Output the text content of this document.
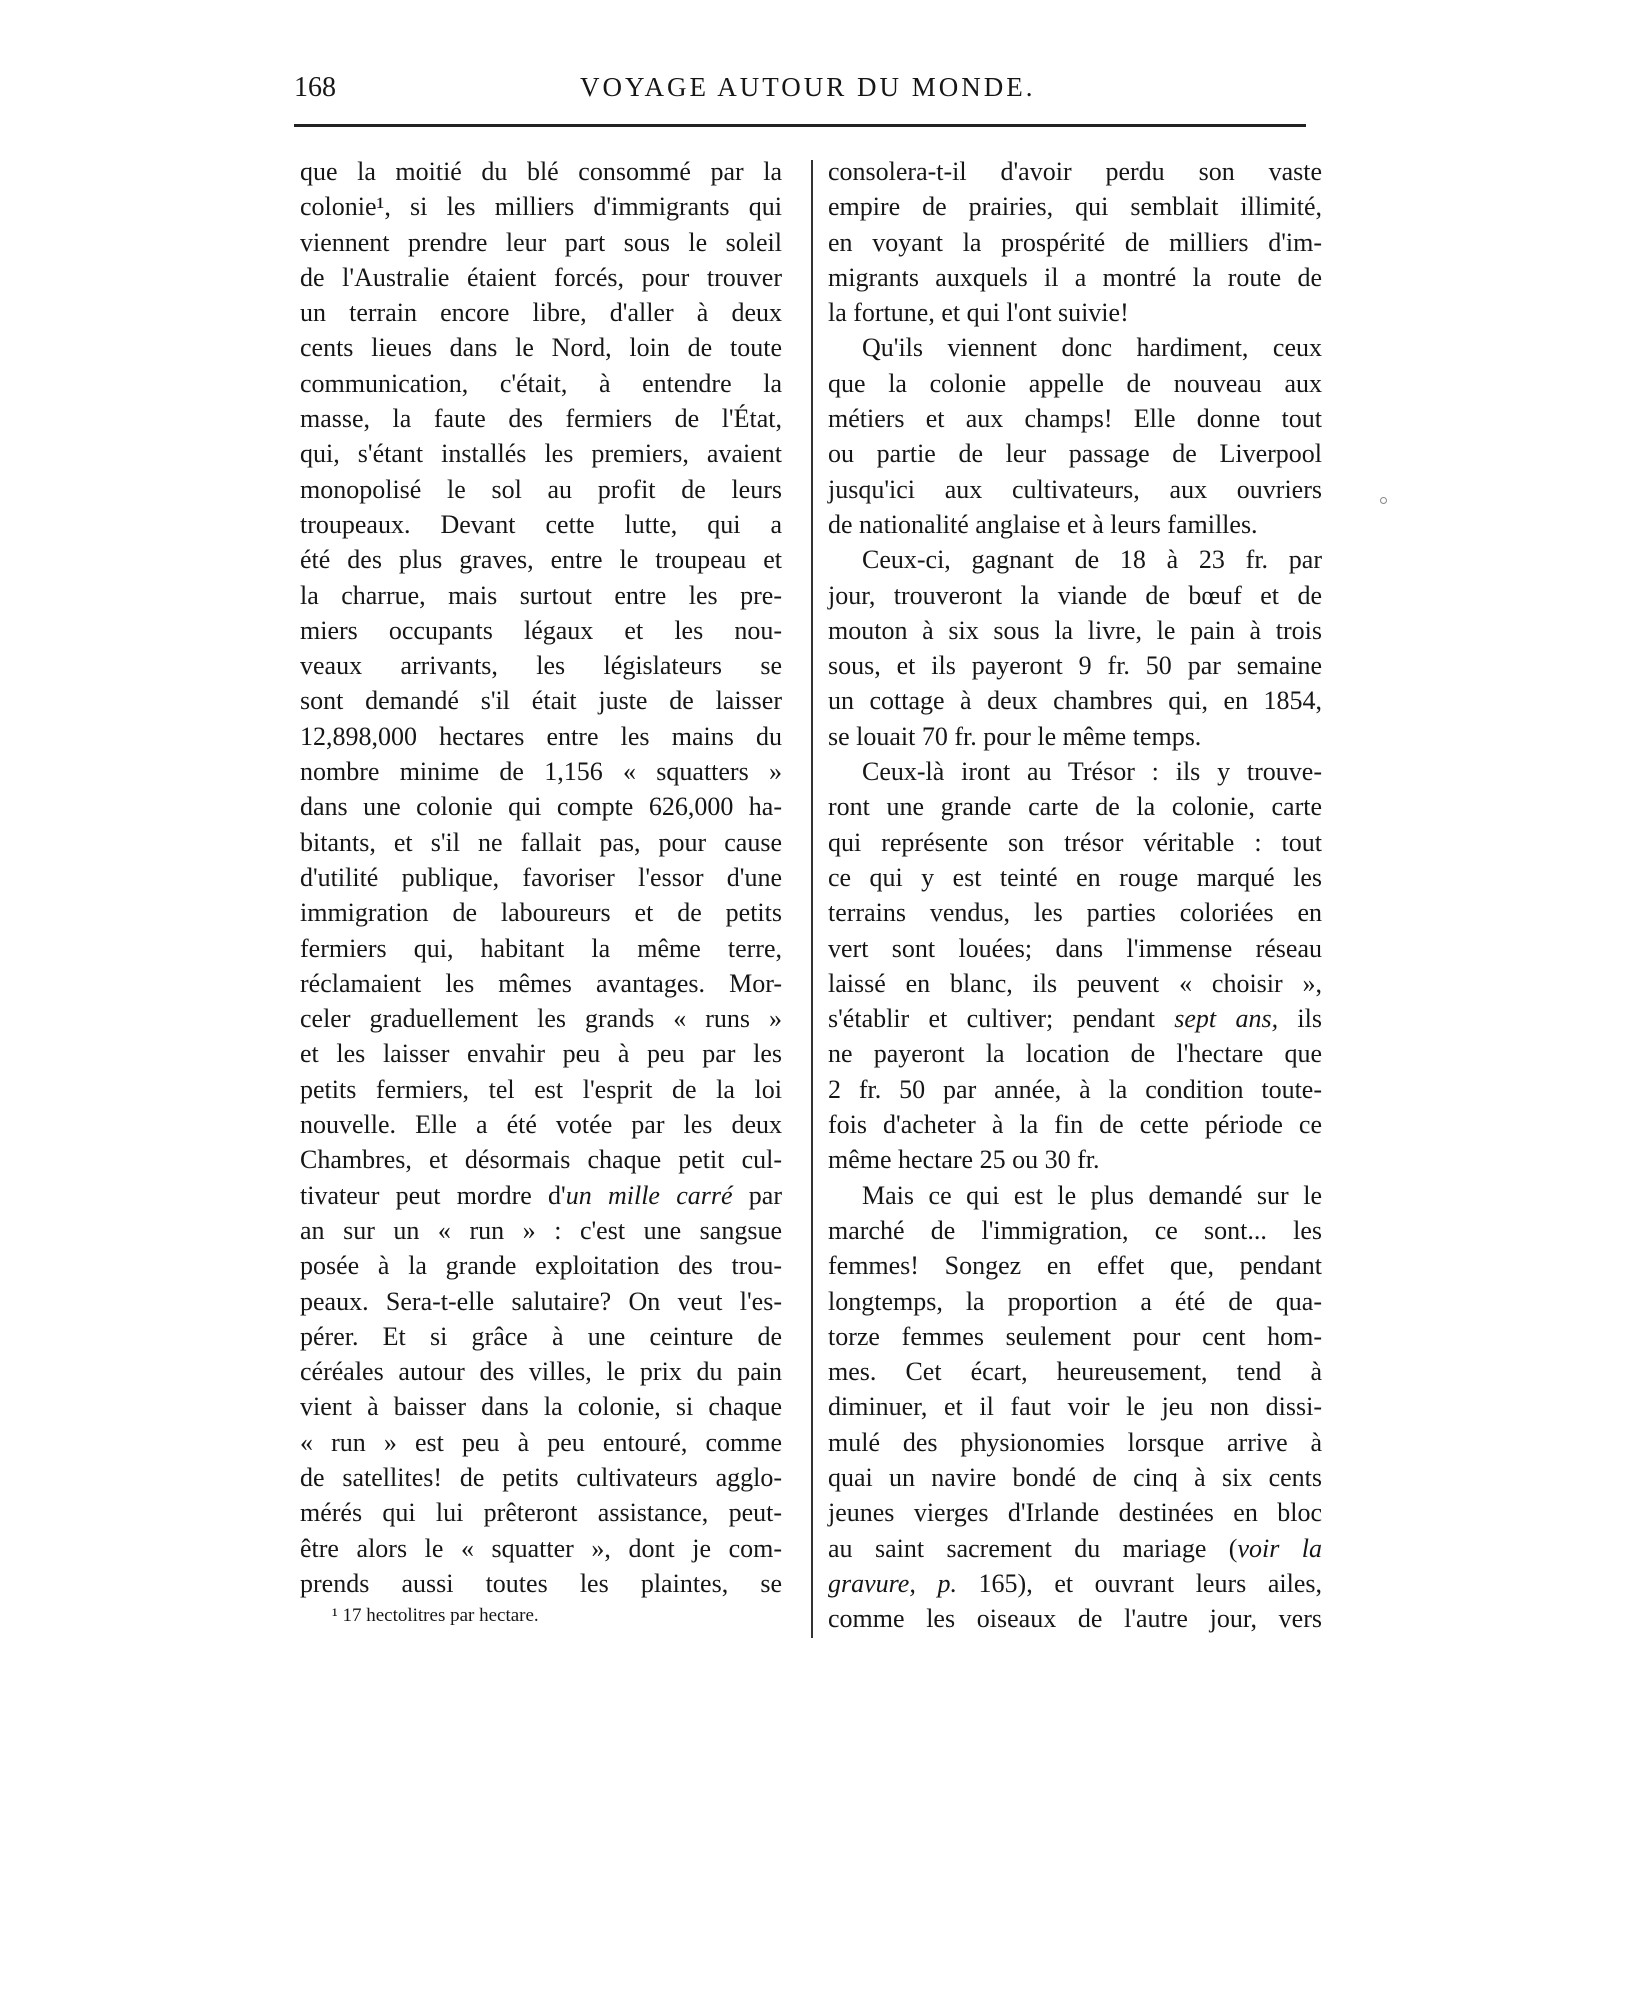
168	VOYAGE AUTOUR DU MONDE.
que la moitié du blé consommé par la
colonie¹, si les milliers d'immigrants qui
viennent prendre leur part sous le soleil
de l'Australie étaient forcés, pour trouver
un terrain encore libre, d'aller à deux
cents lieues dans le Nord, loin de toute
communication, c'était, à entendre la
masse, la faute des fermiers de l'État,
qui, s'étant installés les premiers, avaient
monopolisé le sol au profit de leurs
troupeaux. Devant cette lutte, qui a
été des plus graves, entre le troupeau et
la charrue, mais surtout entre les pre-
miers occupants légaux et les nou-
veaux arrivants, les législateurs se
sont demandé s'il était juste de laisser
12,898,000 hectares entre les mains du
nombre minime de 1,156 « squatters »
dans une colonie qui compte 626,000 ha-
bitants, et s'il ne fallait pas, pour cause
d'utilité publique, favoriser l'essor d'une
immigration de laboureurs et de petits
fermiers qui, habitant la même terre,
réclamaient les mêmes avantages. Mor-
celer graduellement les grands « runs »
et les laisser envahir peu à peu par les
petits fermiers, tel est l'esprit de la loi
nouvelle. Elle a été votée par les deux
Chambres, et désormais chaque petit cul-
tivateur peut mordre d'un mille carré par
an sur un « run » : c'est une sangsue
posée à la grande exploitation des trou-
peaux. Sera-t-elle salutaire? On veut l'es-
pérer. Et si grâce à une ceinture de
céréales autour des villes, le prix du pain
vient à baisser dans la colonie, si chaque
« run » est peu à peu entouré, comme
de satellites! de petits cultivateurs agglo-
mérés qui lui prêteront assistance, peut-
être alors le « squatter », dont je com-
prends aussi toutes les plaintes, se
consolera-t-il d'avoir perdu son vaste
empire de prairies, qui semblait illimité,
en voyant la prospérité de milliers d'im-
migrants auxquels il a montré la route de
la fortune, et qui l'ont suivie!
Qu'ils viennent donc hardiment, ceux
que la colonie appelle de nouveau aux
métiers et aux champs! Elle donne tout
ou partie de leur passage de Liverpool
jusqu'ici aux cultivateurs, aux ouvriers
de nationalité anglaise et à leurs familles.
Ceux-ci, gagnant de 18 à 23 fr. par
jour, trouveront la viande de bœuf et de
mouton à six sous la livre, le pain à trois
sous, et ils payeront 9 fr. 50 par semaine
un cottage à deux chambres qui, en 1854,
se louait 70 fr. pour le même temps.
Ceux-là iront au Trésor : ils y trouve-
ront une grande carte de la colonie, carte
qui représente son trésor véritable : tout
ce qui y est teinté en rouge marqué les
terrains vendus, les parties coloriées en
vert sont louées; dans l'immense réseau
laissé en blanc, ils peuvent « choisir »,
s'établir et cultiver; pendant sept ans, ils
ne payeront la location de l'hectare que
2 fr. 50 par année, à la condition toute-
fois d'acheter à la fin de cette période ce
même hectare 25 ou 30 fr.
Mais ce qui est le plus demandé sur le
marché de l'immigration, ce sont... les
femmes! Songez en effet que, pendant
longtemps, la proportion a été de qua-
torze femmes seulement pour cent hom-
mes. Cet écart, heureusement, tend à
diminuer, et il faut voir le jeu non dissi-
mulé des physionomies lorsque arrive à
quai un navire bondé de cinq à six cents
jeunes vierges d'Irlande destinées en bloc
au saint sacrement du mariage (voir la
gravure, p. 165), et ouvrant leurs ailes,
comme les oiseaux de l'autre jour, vers
¹ 17 hectolitres par hectare.
